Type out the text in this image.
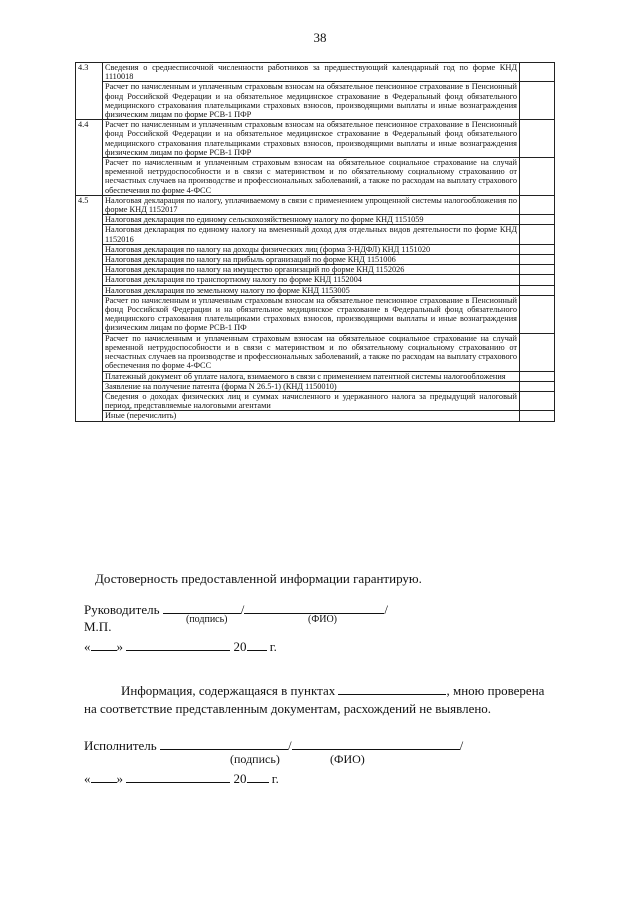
38
4.3	Сведения о среднесписочной численности работников за предшествующий календарный год по форме КНД 1110018	
	Расчет по начисленным и уплаченным страховым взносам на обязательное пенсионное страхование в Пенсионный фонд Российской Федерации и на обязательное медицинское страхование в Федеральный фонд обязательного медицинского страхования плательщиками страховых взносов, производящими выплаты и иные вознаграждения физическим лицам по форме РСВ-1 ПФР	
4.4	Расчет по начисленным и уплаченным страховым взносам на обязательное пенсионное страхование в Пенсионный фонд Российской Федерации и на обязательное медицинское страхование в Федеральный фонд обязательного медицинского страхования плательщиками страховых взносов, производящими выплаты и иные вознаграждения физическим лицам по форме РСВ-1 ПФР	
	Расчет по начисленным и уплаченным страховым взносам на обязательное социальное страхование на случай временной нетрудоспособности и в связи с материнством и по обязательному социальному страхованию от несчастных случаев на производстве и профессиональных заболеваний, а также по расходам на выплату страхового обеспечения по форме 4-ФСС	
4.5	Налоговая декларация по налогу, уплачиваемому в связи с применением упрощенной системы налогообложения по форме КНД 1152017	
	Налоговая декларация по единому сельскохозяйственному налогу по форме КНД 1151059	
	Налоговая декларация по единому налогу на вмененный доход для отдельных видов деятельности по форме КНД 1152016	
	Налоговая декларация по налогу на доходы физических лиц (форма 3-НДФЛ) КНД 1151020	
	Налоговая декларация по налогу на прибыль организаций по форме КНД 1151006	
	Налоговая декларация по налогу на имущество организаций по форме КНД 1152026	
	Налоговая декларация по транспортному налогу по форме КНД 1152004	
	Налоговая декларация по земельному налогу по форме КНД 1153005	
	Расчет по начисленным и уплаченным страховым взносам на обязательное пенсионное страхование в Пенсионный фонд Российской Федерации и на обязательное медицинское страхование в Федеральный фонд обязательного медицинского страхования плательщиками страховых взносов, производящими выплаты и иные вознаграждения физическим лицам по форме РСВ-1 ПФ	
	Расчет по начисленным и уплаченным страховым взносам на обязательное социальное страхование на случай временной нетрудоспособности и в связи с материнством и по обязательному социальному страхованию от несчастных случаев на производстве и профессиональных заболеваний, а также по расходам на выплату страхового обеспечения по форме 4-ФСС	
	Платежный документ об уплате налога, взимаемого в связи с применением патентной системы налогообложения	
	Заявление на получение патента (форма N 26.5-1) (КНД 1150010)	
	Сведения о доходах физических лиц и суммах начисленного и удержанного налога за предыдущий налоговый период, представляемые налоговыми агентами	
	Иные (перечислить)	
Достоверность предоставленной информации гарантирую.
Руководитель	/	/
(подпись)	(ФИО)
М.П.
« »	20 г.
Информация, содержащаяся в пунктах	, мною проверена
на соответствие представленным документам, расхождений не выявлено.
Исполнитель	/	/
(подпись)	(ФИО)
« »	20 г.
